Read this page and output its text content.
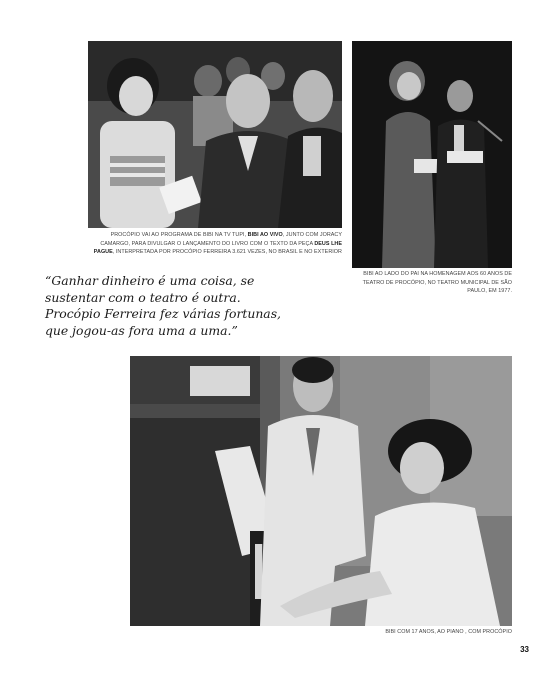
PROCÓPIO VAI AO PROGRAMA DE BIBI NA TV TUPI, BIBI AO VIVO, JUNTO COM JORACY CAMARGO, PARA DIVULGAR O LANÇAMENTO DO LIVRO COM O TEXTO DA PEÇA DEUS LHE PAGUE, INTERPRETADA POR PROCÓPIO FERREIRA 3.621 VEZES, NO BRASIL E NO EXTERIOR

BIBI AO LADO DO PAI NA HOMENAGEM AOS 60 ANOS DE TEATRO DE PROCÓPIO, NO TEATRO MUNICIPAL DE SÃO PAULO, EM 1977.

BIBI COM 17 ANOS, AO PIANO , COM PROCÓPIO

“Ganhar dinheiro é uma coisa, se
sustentar com o teatro é outra.
Procópio Ferreira fez várias fortunas,
que jogou-as fora uma a uma.”
33
